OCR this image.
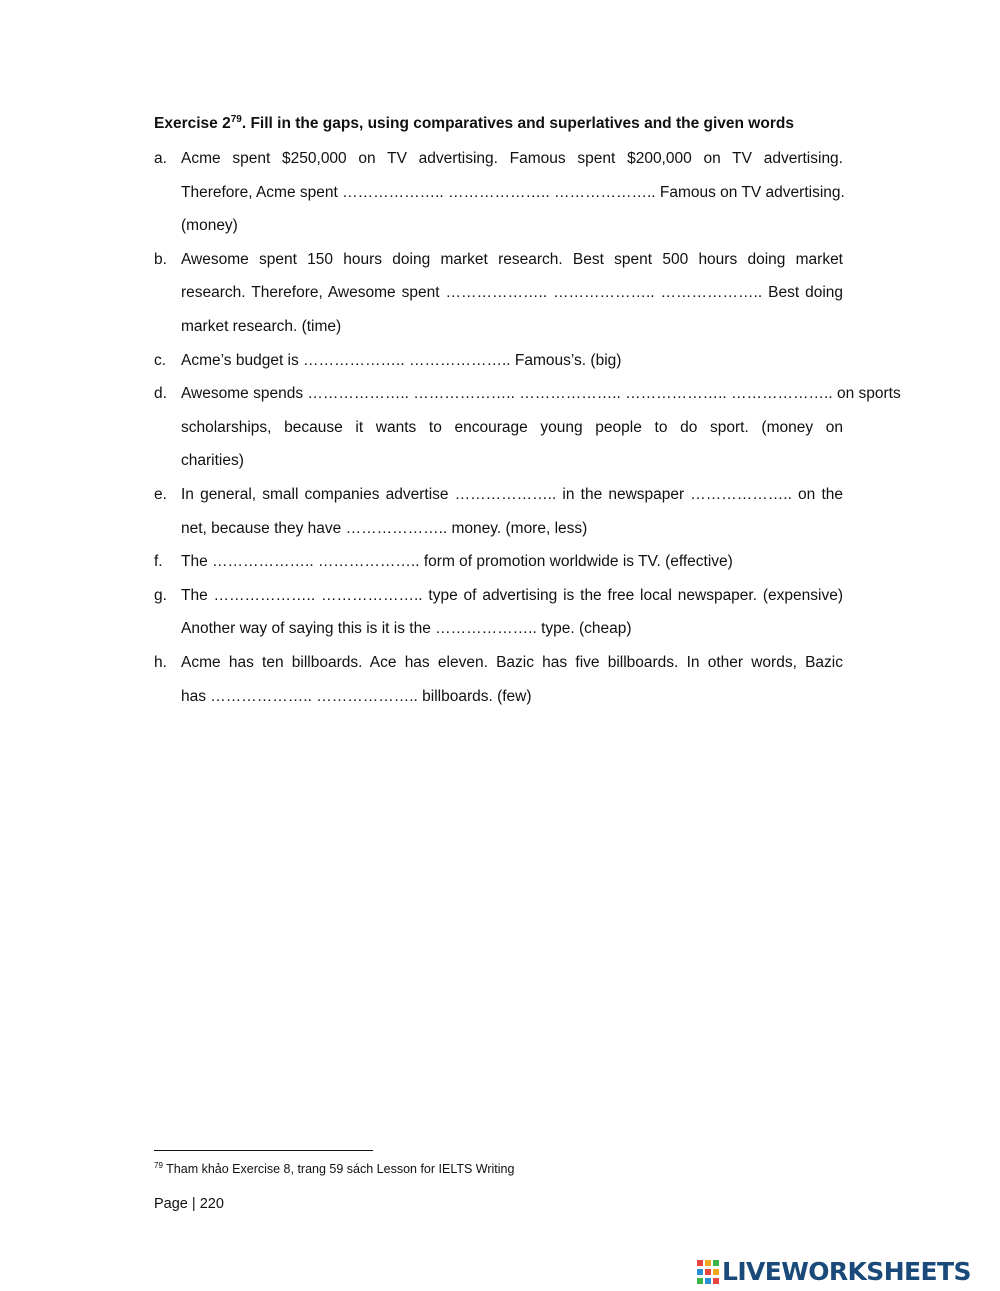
Exercise $2^{79}$. Fill in the gaps, using comparatives and superlatives and the given words
a. Acme spent $250,000 on TV advertising. Famous spent $200,000 on TV advertising.
Therefore, Acme spent ……………….. ……………….. ……………….. Famous on TV advertising.
(money)
b. Awesome spent 150 hours doing market research. Best spent 500 hours doing market
research. Therefore, Awesome spent ……………….. ……………….. ……………….. Best doing
market research. (time)
c. Acme’s budget is ……………….. ……………….. Famous’s. (big)
d. Awesome spends ……………….. ……………….. ……………….. ……………….. ……………….. on sports
scholarships, because it wants to encourage young people to do sport. (money on
charities)
e. In general, small companies advertise ……………….. in the newspaper ……………….. on the
net, because they have ……………….. money. (more, less)
f. The ……………….. ……………….. form of promotion worldwide is TV. (effective)
g. The ……………….. ……………….. type of advertising is the free local newspaper. (expensive)
Another way of saying this is it is the ……………….. type. (cheap)
h. Acme has ten billboards. Ace has eleven. Bazic has five billboards. In other words, Bazic
has ……………….. ……………….. billboards. (few)
$^{79}$ Tham khảo Exercise 8, trang 59 sách Lesson for IELTS Writing
Page | 220
LIVEWORKSHEETS
